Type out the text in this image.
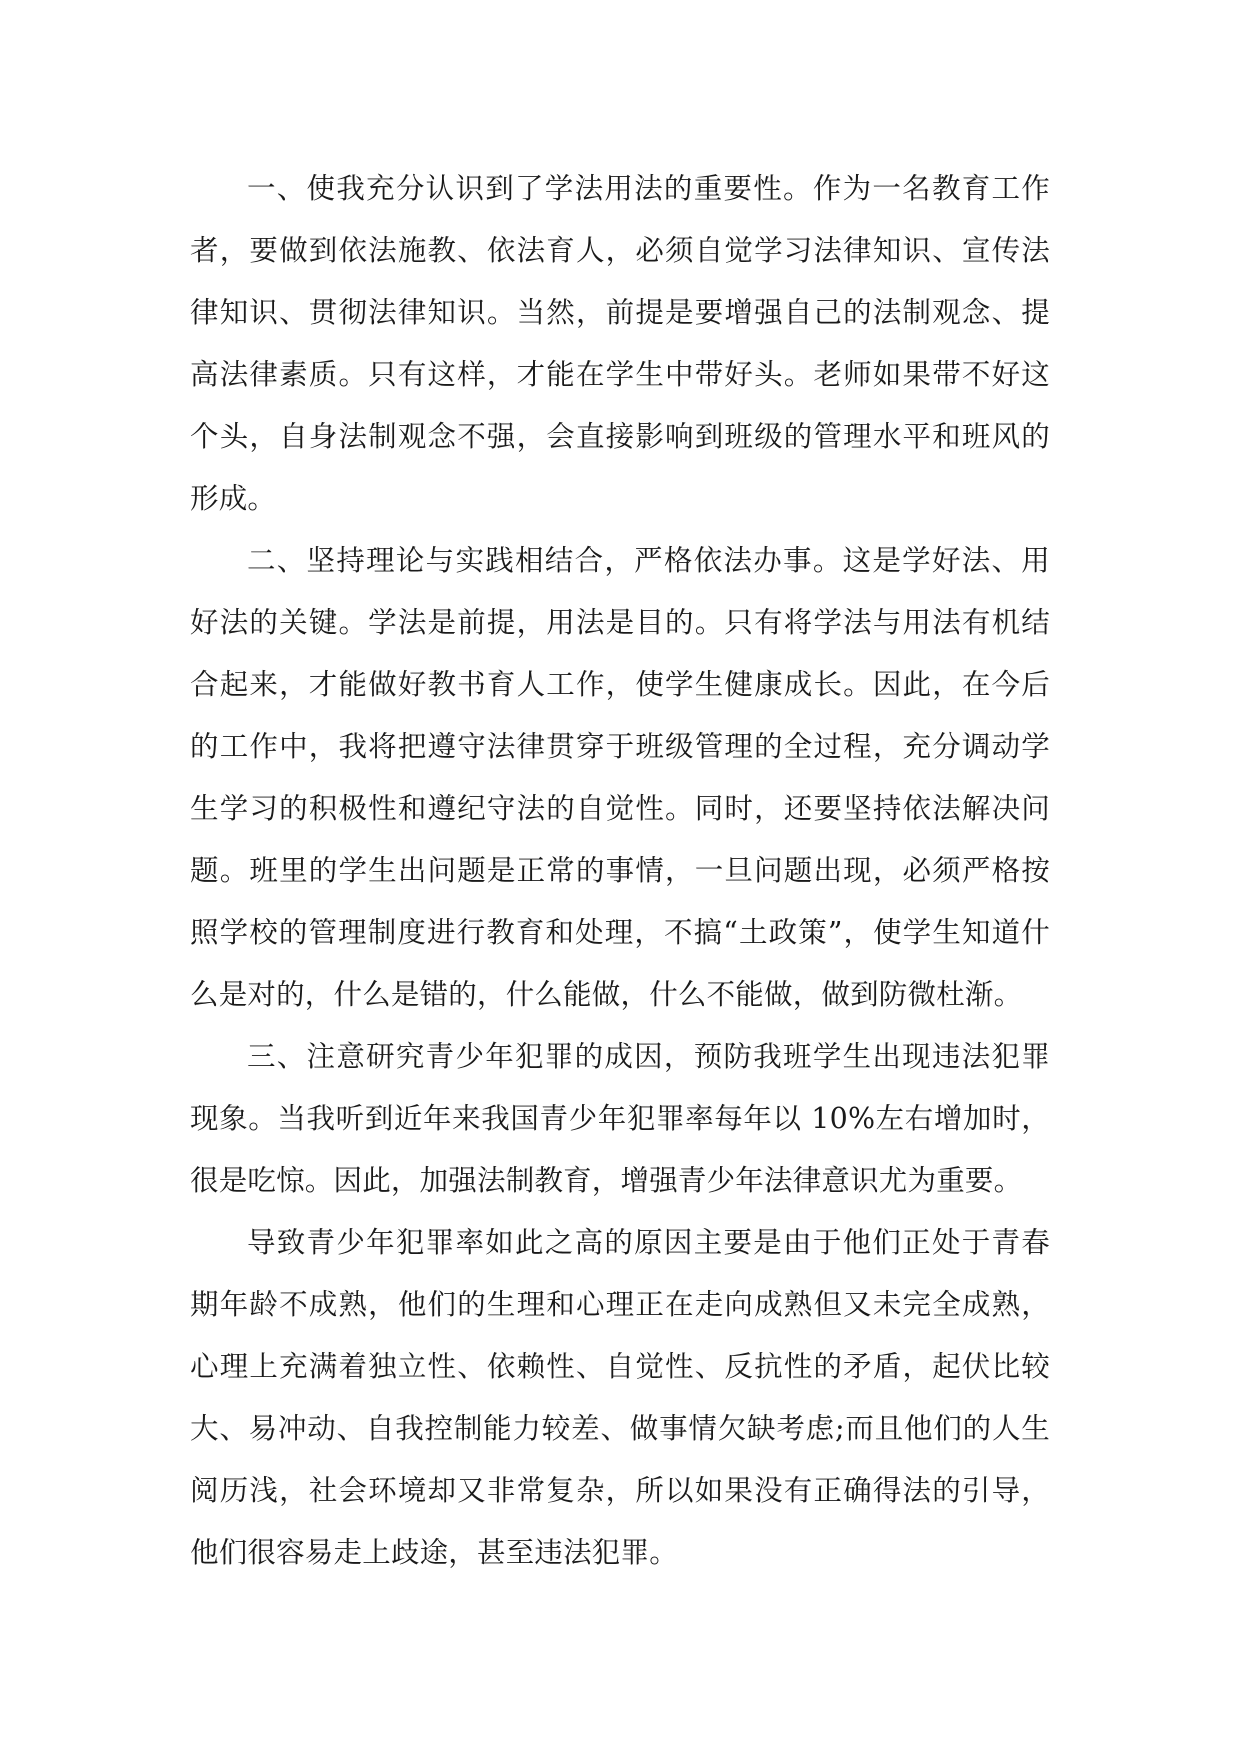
一、使我充分认识到了学法用法的重要性。作为一名教育工作者，要做到依法施教、依法育人，必须自觉学习法律知识、宣传法律知识、贯彻法律知识。当然，前提是要增强自己的法制观念、提高法律素质。只有这样，才能在学生中带好头。老师如果带不好这个头，自身法制观念不强，会直接影响到班级的管理水平和班风的形成。

二、坚持理论与实践相结合，严格依法办事。这是学好法、用好法的关键。学法是前提，用法是目的。只有将学法与用法有机结合起来，才能做好教书育人工作，使学生健康成长。因此，在今后的工作中，我将把遵守法律贯穿于班级管理的全过程，充分调动学生学习的积极性和遵纪守法的自觉性。同时，还要坚持依法解决问题。班里的学生出问题是正常的事情，一旦问题出现，必须严格按照学校的管理制度进行教育和处理，不搞“土政策”，使学生知道什么是对的，什么是错的，什么能做，什么不能做，做到防微杜渐。

三、注意研究青少年犯罪的成因，预防我班学生出现违法犯罪现象。当我听到近年来我国青少年犯罪率每年以 10%左右增加时，很是吃惊。因此，加强法制教育，增强青少年法律意识尤为重要。

导致青少年犯罪率如此之高的原因主要是由于他们正处于青春期年龄不成熟，他们的生理和心理正在走向成熟但又未完全成熟，心理上充满着独立性、依赖性、自觉性、反抗性的矛盾，起伏比较大、易冲动、自我控制能力较差、做事情欠缺考虑;而且他们的人生阅历浅，社会环境却又非常复杂，所以如果没有正确得法的引导，他们很容易走上歧途，甚至违法犯罪。
